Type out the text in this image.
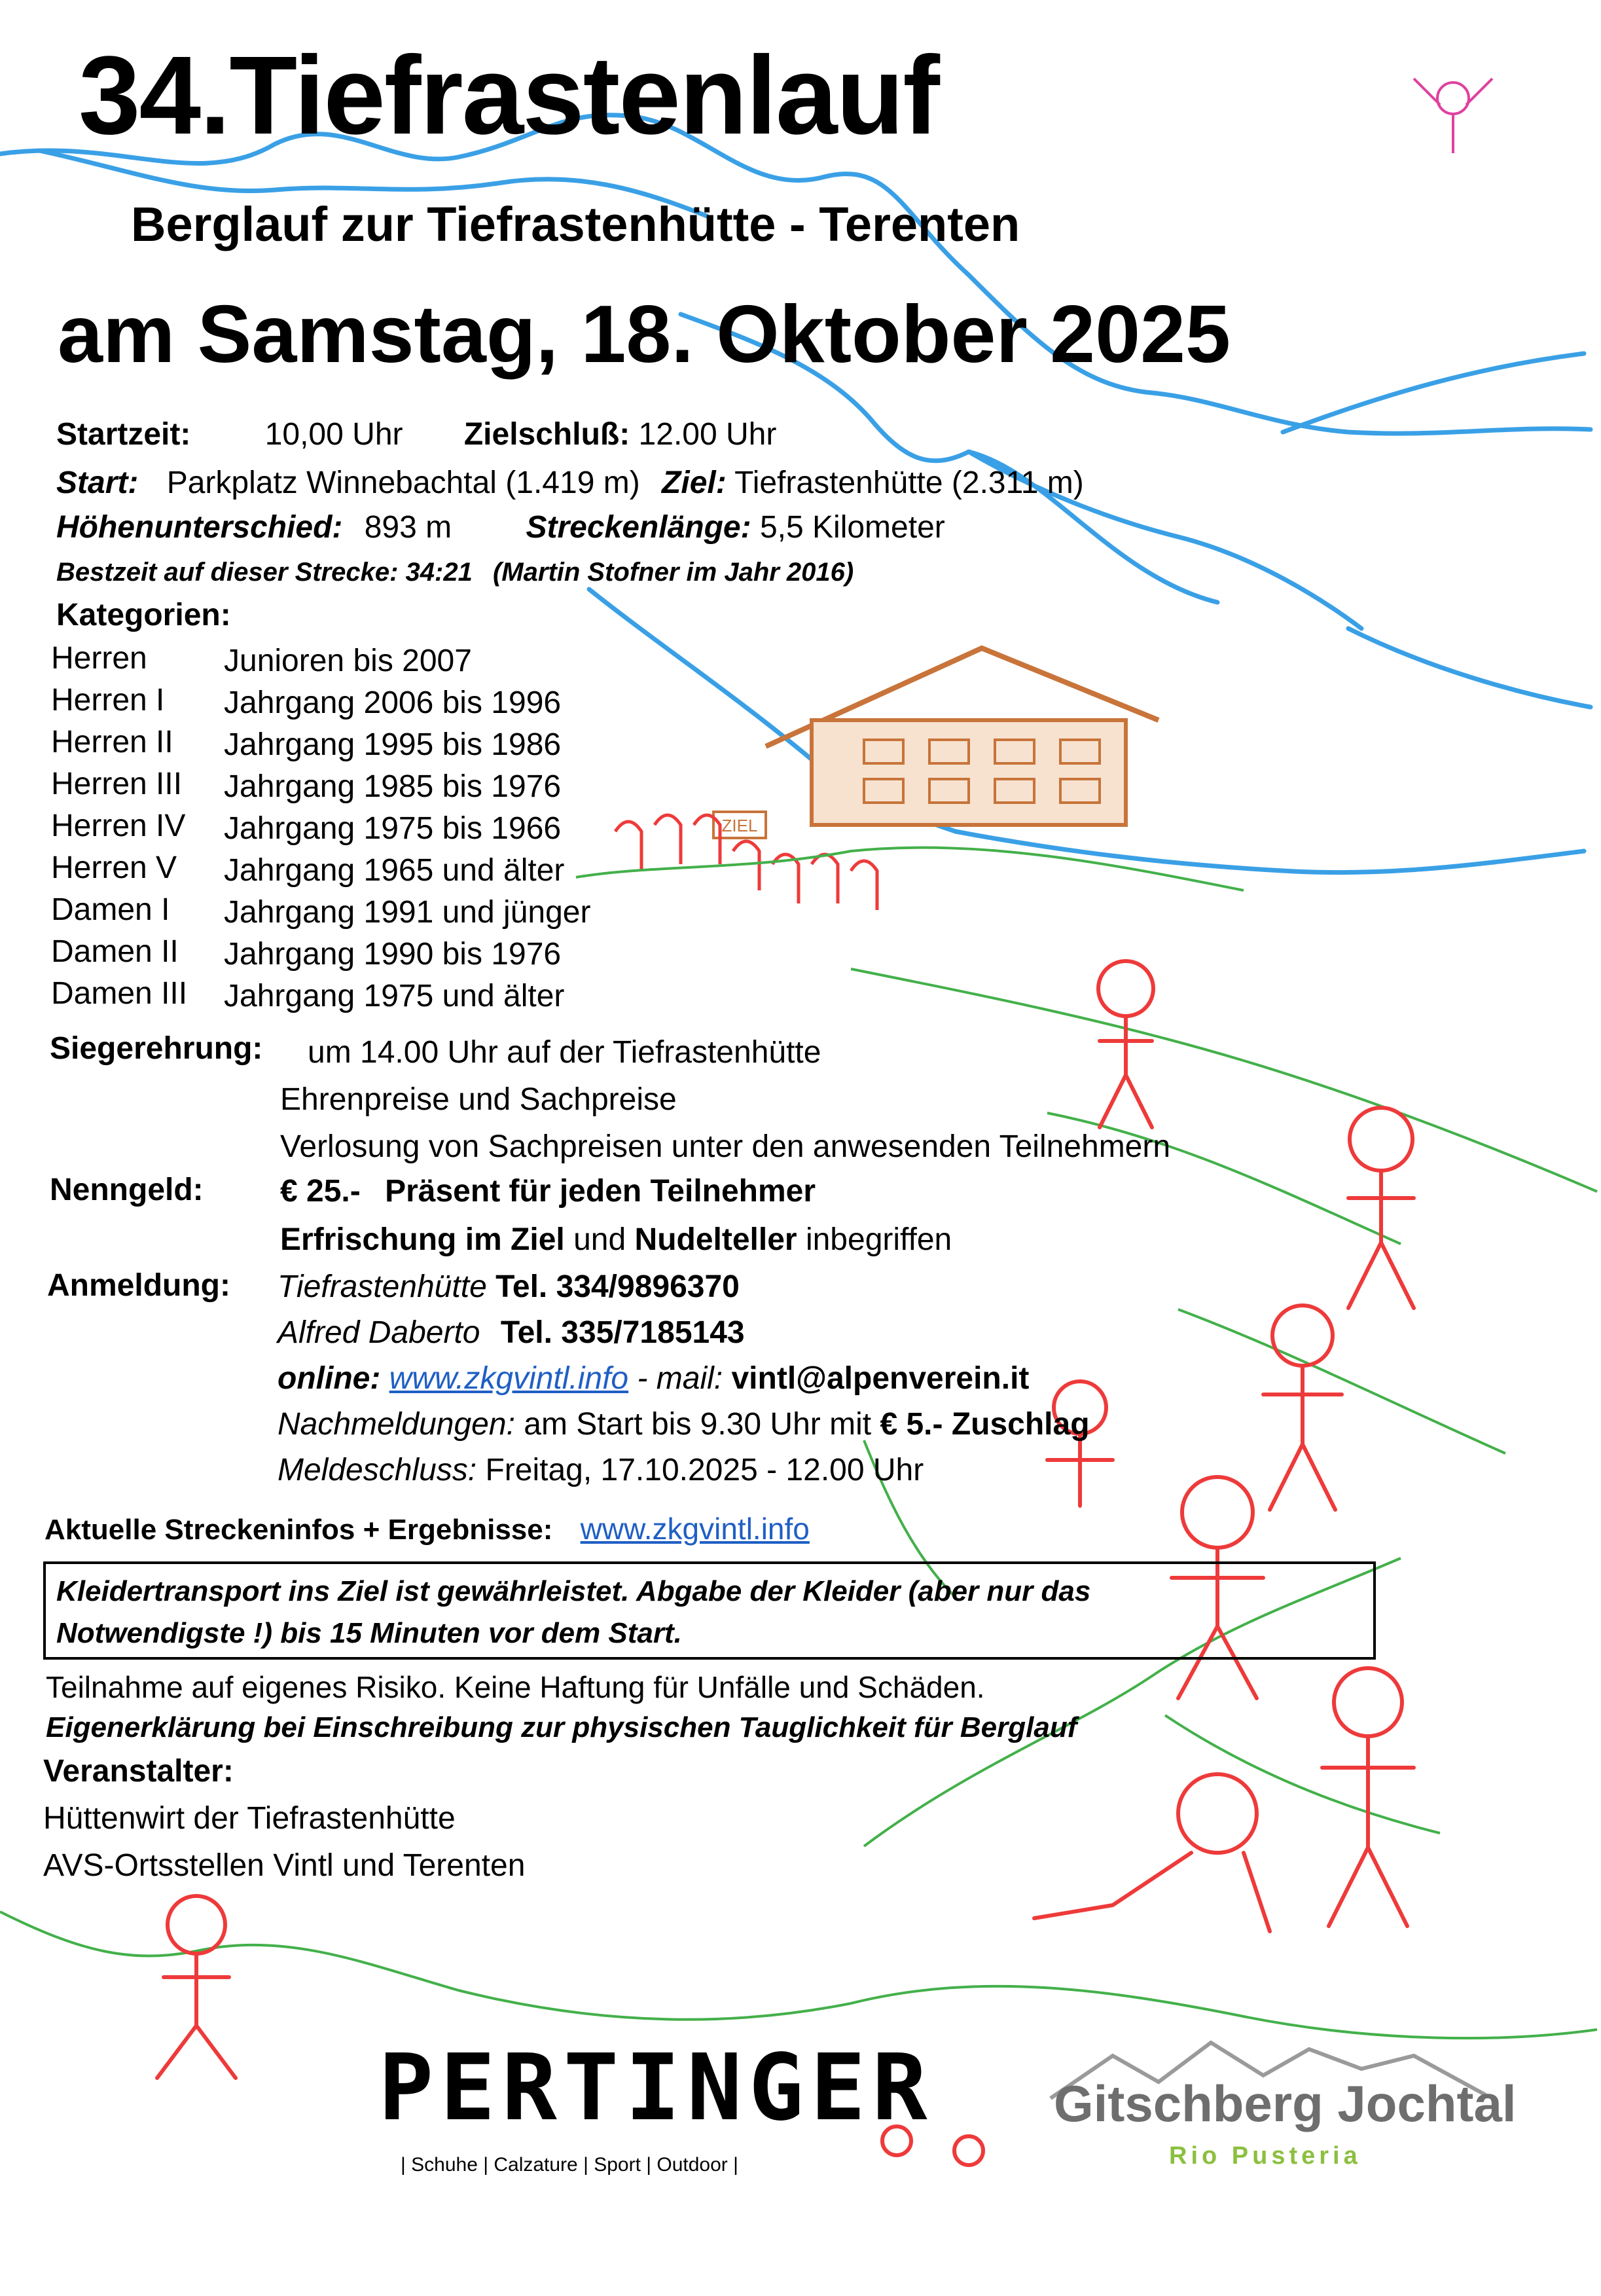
ZIEL
34.Tiefrastenlauf
Berglauf zur Tiefrastenhütte - Terenten
am Samstag, 18. Oktober 2025
Startzeit: 10,00 Uhr Zielschluß: 12.00 Uhr
Start: Parkplatz Winnebachtal (1.419 m) Ziel: Tiefrastenhütte (2.311 m)
Höhenunterschied: 893 m Streckenlänge: 5,5 Kilometer
Bestzeit auf dieser Strecke: 34:21 (Martin Stofner im Jahr 2016)
Kategorien:
Herren Junioren bis 2007
Herren I Jahrgang 2006 bis 1996
Herren II Jahrgang 1995 bis 1986
Herren III Jahrgang 1985 bis 1976
Herren IV Jahrgang 1975 bis 1966
Herren V Jahrgang 1965 und älter
Damen I Jahrgang 1991 und jünger
Damen II Jahrgang 1990 bis 1976
Damen III Jahrgang 1975 und älter
Siegerehrung: um 14.00 Uhr auf der Tiefrastenhütte
Ehrenpreise und Sachpreise
Verlosung von Sachpreisen unter den anwesenden Teilnehmern
Nenngeld: € 25.- Präsent für jeden Teilnehmer
Erfrischung im Ziel und Nudelteller inbegriffen
Anmeldung: Tiefrastenhütte Tel. 334/9896370
Alfred Daberto Tel. 335/7185143
online: www.zkgvintl.info - mail: vintl@alpenverein.it
Nachmeldungen: am Start bis 9.30 Uhr mit € 5.- Zuschlag
Meldeschluss: Freitag, 17.10.2025 - 12.00 Uhr
Aktuelle Streckeninfos + Ergebnisse: www.zkgvintl.info
Kleidertransport ins Ziel ist gewährleistet. Abgabe der Kleider (aber nur das
Notwendigste !) bis 15 Minuten vor dem Start.
Teilnahme auf eigenes Risiko. Keine Haftung für Unfälle und Schäden.
Eigenerklärung bei Einschreibung zur physischen Tauglichkeit für Berglauf
Veranstalter:
Hüttenwirt der Tiefrastenhütte
AVS-Ortsstellen Vintl und Terenten
PERTINGER
| Schuhe | Calzature | Sport | Outdoor |
Gitschberg Jochtal
Rio Pusteria
